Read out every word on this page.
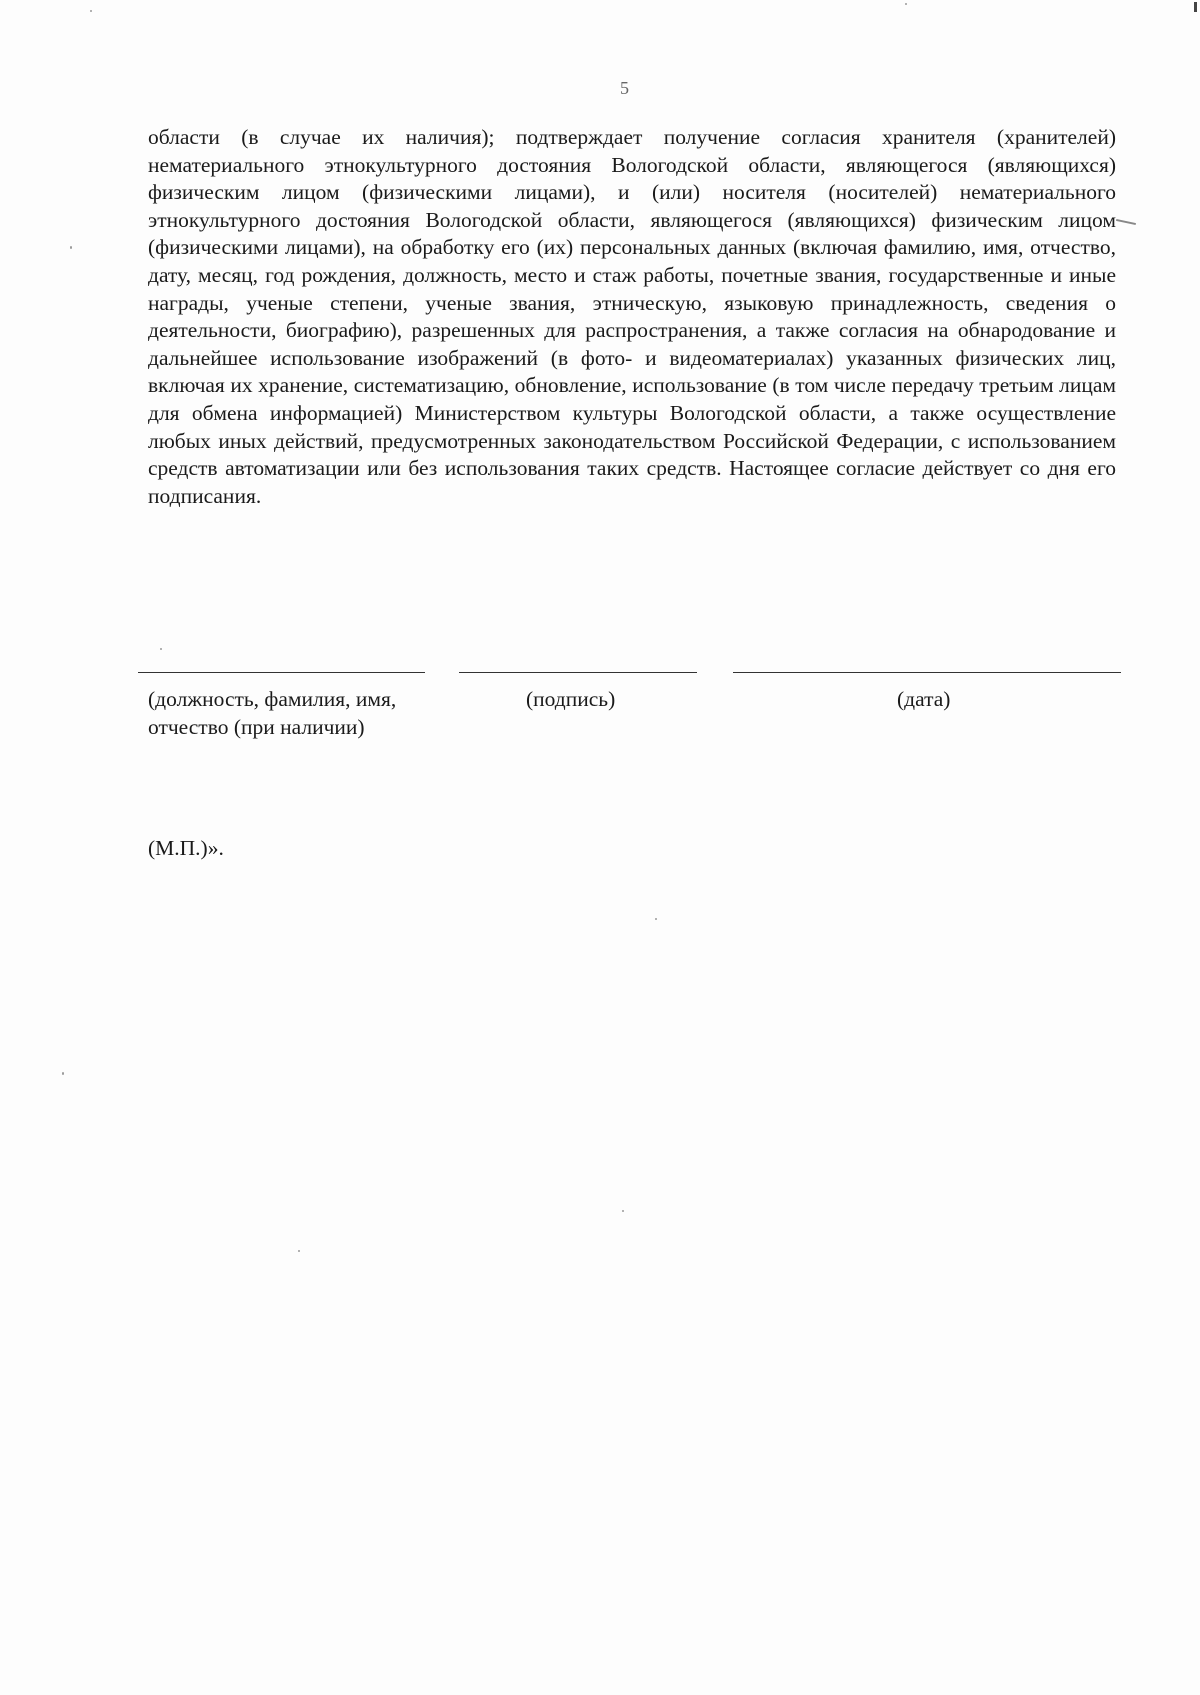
5

области (в случае их наличия); подтверждает получение согласия хранителя (хранителей) нематериального этнокультурного достояния Вологодской области, являющегося (являющихся) физическим лицом (физическими лицами), и (или) носителя (носителей) нематериального этнокультурного достояния Вологодской области, являющегося (являющихся) физическим лицом (физическими лицами), на обработку его (их) персональных данных (включая фамилию, имя, отчество, дату, месяц, год рождения, должность, место и стаж работы, почетные звания, государственные и иные награды, ученые степени, ученые звания, этническую, языковую принадлежность, сведения о деятельности, биографию), разрешенных для распространения, а также согласия на обнародование и дальнейшее использование изображений (в фото- и видеоматериалах) указанных физических лиц, включая их хранение, систематизацию, обновление, использование (в том числе передачу третьим лицам для обмена информацией) Министерством культуры Вологодской области, а также осуществление любых иных действий, предусмотренных законодательством Российской Федерации, с использованием средств автоматизации или без использования таких средств. Настоящее согласие действует со дня его подписания.

(должность, фамилия, имя, отчество (при наличии)
(подпись)	(дата)
(М.П.)».
